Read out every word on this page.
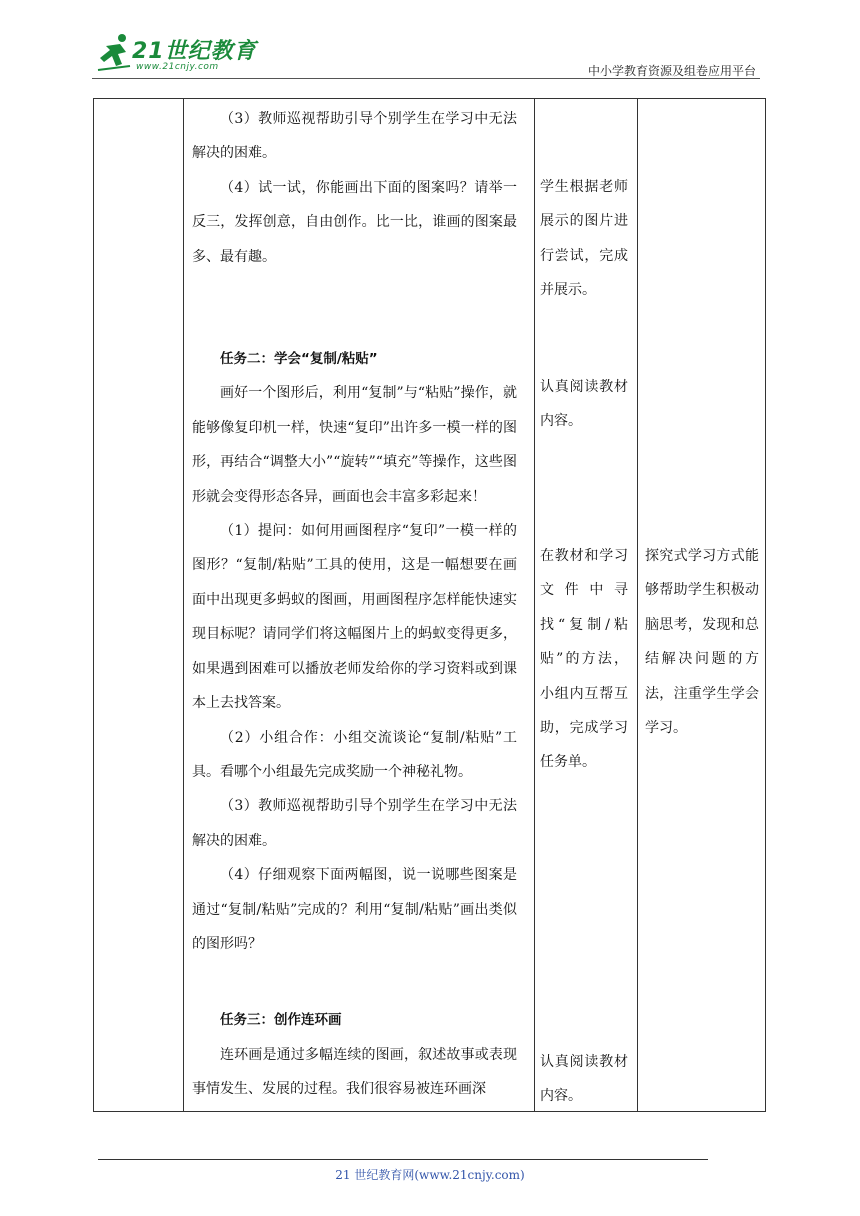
21世纪教育
www.21cnjy.com	中小学教育资源及组卷应用平台

（3）教师巡视帮助引导个别学生在学习中无法解决的困难。

（4）试一试，你能画出下面的图案吗？请举一反三，发挥创意，自由创作。比一比，谁画的图案最多、最有趣。

任务二：学会“复制/粘贴”

画好一个图形后，利用“复制”与“粘贴”操作，就能够像复印机一样，快速“复印”出许多一模一样的图形，再结合“调整大小”“旋转”“填充”等操作，这些图形就会变得形态各异，画面也会丰富多彩起来！

（1）提问：如何用画图程序“复印”一模一样的图形？“复制/粘贴”工具的使用，这是一幅想要在画面中出现更多蚂蚁的图画，用画图程序怎样能快速实现目标呢？请同学们将这幅图片上的蚂蚁变得更多，如果遇到困难可以播放老师发给你的学习资料或到课本上去找答案。

（2）小组合作：小组交流谈论“复制/粘贴”工具。看哪个小组最先完成奖励一个神秘礼物。

（3）教师巡视帮助引导个别学生在学习中无法解决的困难。

（4）仔细观察下面两幅图，说一说哪些图案是通过“复制/粘贴”完成的？利用“复制/粘贴”画出类似的图形吗？

任务三：创作连环画

连环画是通过多幅连续的图画，叙述故事或表现事情发生、发展的过程。我们很容易被连环画深

学生根据老师展示的图片进行尝试，完成并展示。

认真阅读教材内容。

在教材和学习文件中寻找“复制/粘贴”的方法，小组内互帮互助，完成学习任务单。

认真阅读教材内容。

探究式学习方式能够帮助学生积极动脑思考，发现和总结解决问题的方法，注重学生学会学习。

21 世纪教育网(www.21cnjy.com)
